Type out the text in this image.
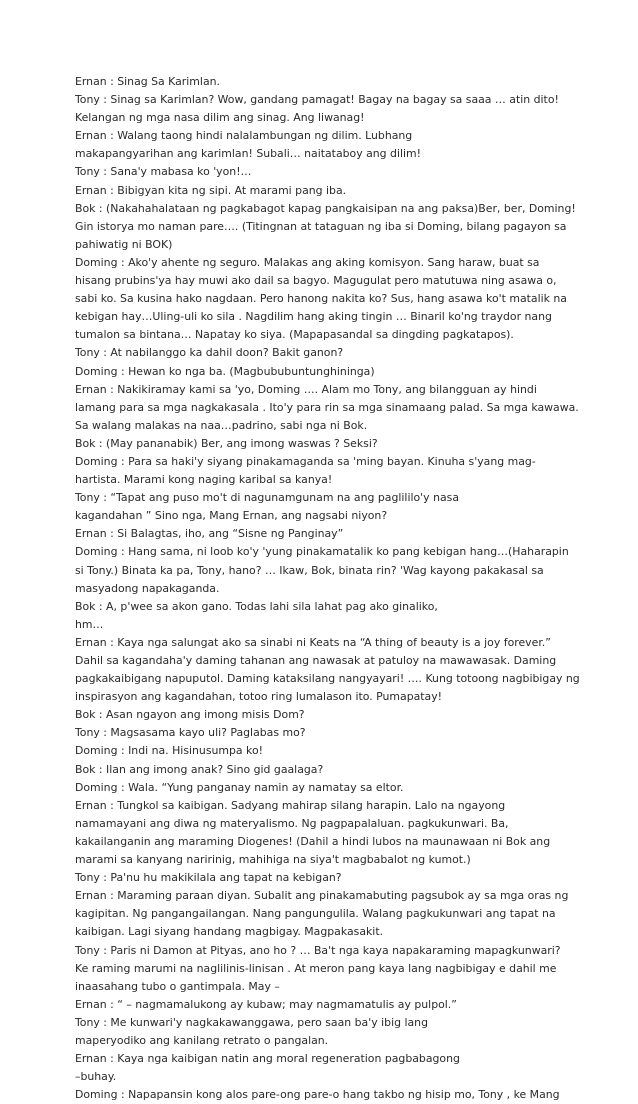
Ernan : Sinag Sa Karimlan.
Tony : Sinag sa Karimlan? Wow, gandang pamagat! Bagay na bagay sa saaa … atin dito!
Kelangan ng mga nasa dilim ang sinag. Ang liwanag!
Ernan : Walang taong hindi nalalambungan ng dilim. Lubhang
makapangyarihan ang karimlan! Subali… naitataboy ang dilim!
Tony : Sana'y mabasa ko 'yon!…
Ernan : Bibigyan kita ng sipi. At marami pang iba.
Bok : (Nakahahalataan ng pagkabagot kapag pangkaisipan na ang paksa)Ber, ber, Doming!
Gin istorya mo naman pare…. (Titingnan at tataguan ng iba si Doming, bilang pagayon sa
pahiwatig ni BOK)
Doming : Ako'y ahente ng seguro. Malakas ang aking komisyon. Sang haraw, buat sa
hisang prubins'ya hay muwi ako dail sa bagyo. Magugulat pero matutuwa ning asawa o,
sabi ko. Sa kusina hako nagdaan. Pero hanong nakita ko? Sus, hang asawa ko't matalik na
kebigan hay…Uling-uli ko sila . Nagdilim hang aking tingin … Binaril ko'ng traydor nang
tumalon sa bintana… Napatay ko siya. (Mapapasandal sa dingding pagkatapos).
Tony : At nabilanggo ka dahil doon? Bakit ganon?
Doming : Hewan ko nga ba. (Magbububuntunghininga)
Ernan : Nakikiramay kami sa 'yo, Doming …. Alam mo Tony, ang bilangguan ay hindi
lamang para sa mga nagkakasala . Ito'y para rin sa mga sinamaang palad. Sa mga kawawa.
Sa walang malakas na naa…padrino, sabi nga ni Bok.
Bok : (May pananabik) Ber, ang imong waswas ? Seksi?
Doming : Para sa haki'y siyang pinakamaganda sa 'ming bayan. Kinuha s'yang mag-
hartista. Marami kong naging karibal sa kanya!
Tony : “Tapat ang puso mo't di nagunamgunam na ang paglililo'y nasa
kagandahan ” Sino nga, Mang Ernan, ang nagsabi niyon?
Ernan : Si Balagtas, iho, ang “Sisne ng Panginay”
Doming : Hang sama, ni loob ko'y 'yung pinakamatalik ko pang kebigan hang…(Haharapin
si Tony.) Binata ka pa, Tony, hano? … Ikaw, Bok, binata rin? 'Wag kayong pakakasal sa
masyadong napakaganda.
Bok : A, p'wee sa akon gano. Todas lahi sila lahat pag ako ginaliko,
hm…
Ernan : Kaya nga salungat ako sa sinabi ni Keats na “A thing of beauty is a joy forever.”
Dahil sa kagandaha'y daming tahanan ang nawasak at patuloy na mawawasak. Daming
pagkakaibigang napuputol. Daming kataksilang nangyayari! …. Kung totoong nagbibigay ng
inspirasyon ang kagandahan, totoo ring lumalason ito. Pumapatay!
Bok : Asan ngayon ang imong misis Dom?
Tony : Magsasama kayo uli? Paglabas mo?
Doming : Indi na. Hisinusumpa ko!
Bok : Ilan ang imong anak? Sino gid gaalaga?
Doming : Wala. “Yung panganay namin ay namatay sa eltor.
Ernan : Tungkol sa kaibigan. Sadyang mahirap silang harapin. Lalo na ngayong
namamayani ang diwa ng materyalismo. Ng pagpapalaluan. pagkukunwari. Ba,
kakailanganin ang maraming Diogenes! (Dahil a hindi lubos na maunawaan ni Bok ang
marami sa kanyang naririnig, mahihiga na siya't magbabalot ng kumot.)
Tony : Pa'nu hu makikilala ang tapat na kebigan?
Ernan : Maraming paraan diyan. Subalit ang pinakamabuting pagsubok ay sa mga oras ng
kagipitan. Ng pangangailangan. Nang pangungulila. Walang pagkukunwari ang tapat na
kaibigan. Lagi siyang handang magbigay. Magpakasakit.
Tony : Paris ni Damon at Pityas, ano ho ? … Ba't nga kaya napakaraming mapagkunwari?
Ke raming marumi na naglilinis-linisan . At meron pang kaya lang nagbibigay e dahil me
inaasahang tubo o gantimpala. May –
Ernan : “ – nagmamalukong ay kubaw; may nagmamatulis ay pulpol.”
Tony : Me kunwari'y nagkakawanggawa, pero saan ba'y ibig lang
maperyodiko ang kanilang retrato o pangalan.
Ernan : Kaya nga kaibigan natin ang moral regeneration pagbabagong
–buhay.
Doming : Napapansin kong alos pare-ong pare-o hang takbo ng hisip mo, Tony , ke Mang
